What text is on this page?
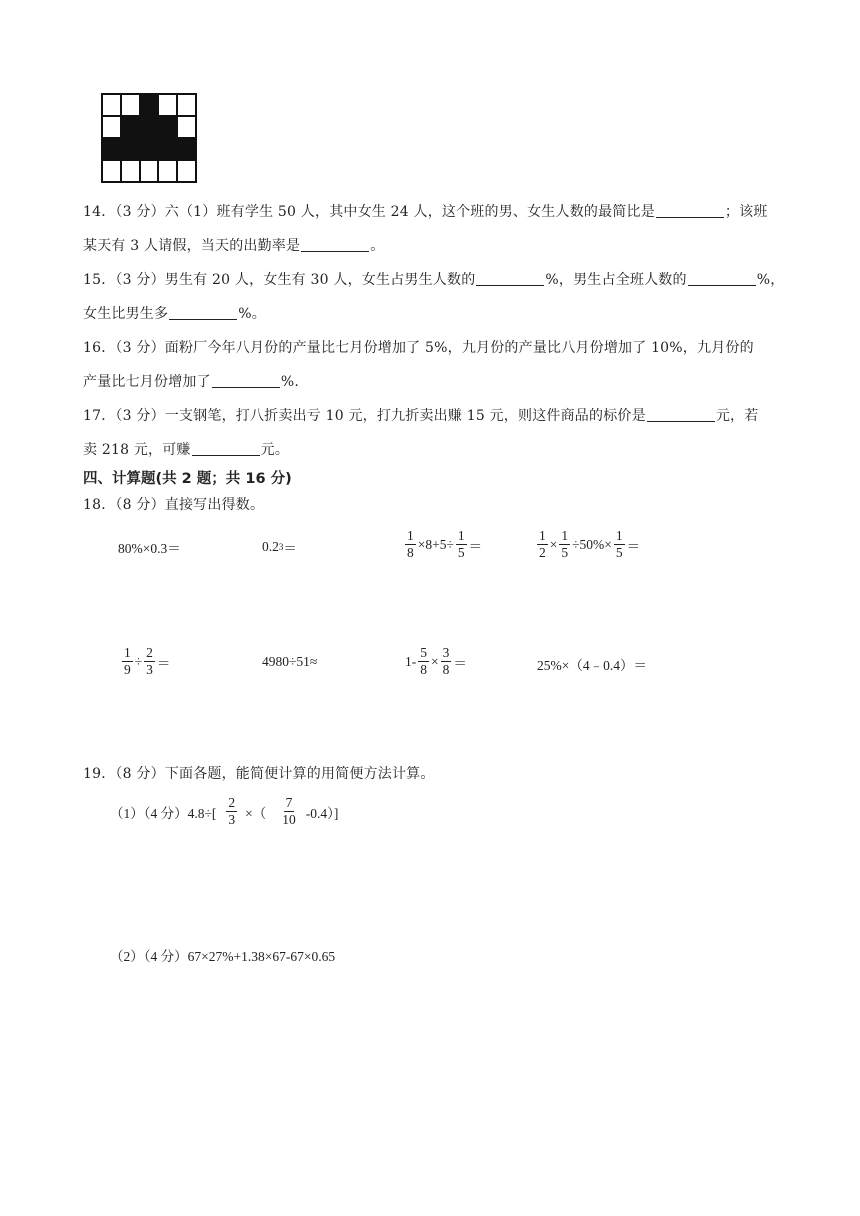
14．（3 分）六（1）班有学生 50 人，其中女生 24 人，这个班的男、女生人数的最简比是	；该班
某天有 3 人请假，当天的出勤率是	。
15．（3 分）男生有 20 人，女生有 30 人，女生占男生人数的	%，男生占全班人数的	%，
女生比男生多	%。
16．（3 分）面粉厂今年八月份的产量比七月份增加了 5%，九月份的产量比八月份增加了 10%，九月份的
产量比七月份增加了	%.
17．（3 分）一支钢笔，打八折卖出亏 10 元，打九折卖出赚 15 元，则这件商品的标价是	元，若
卖 218 元，可赚	元。
四、计算题(共 2 题；共 16 分)
18．（8 分）直接写出得数。
80%×0.3＝	0.2 3 ＝	$\frac{1}{8} \times 8+5\div \frac{1}{5}$ ＝	$\frac{1}{2} \times \frac{1}{5} \div 50\%\times \frac{1}{5}$ ＝
$\frac{1}{9} \div \frac{2}{3}$ ＝	4980÷51≈	$1- \frac{5}{8} \times \frac{3}{8}$ ＝	25%×（4﹣0.4）＝
19．（8 分）下面各题，能简便计算的用简便方法计算。
（1）（4 分）$4.8\div[ \frac{2}{3}$ ×（ $\frac{7}{10} -0.4$）]
（2）（4 分）67×27%+1.38×67-67×0.65
